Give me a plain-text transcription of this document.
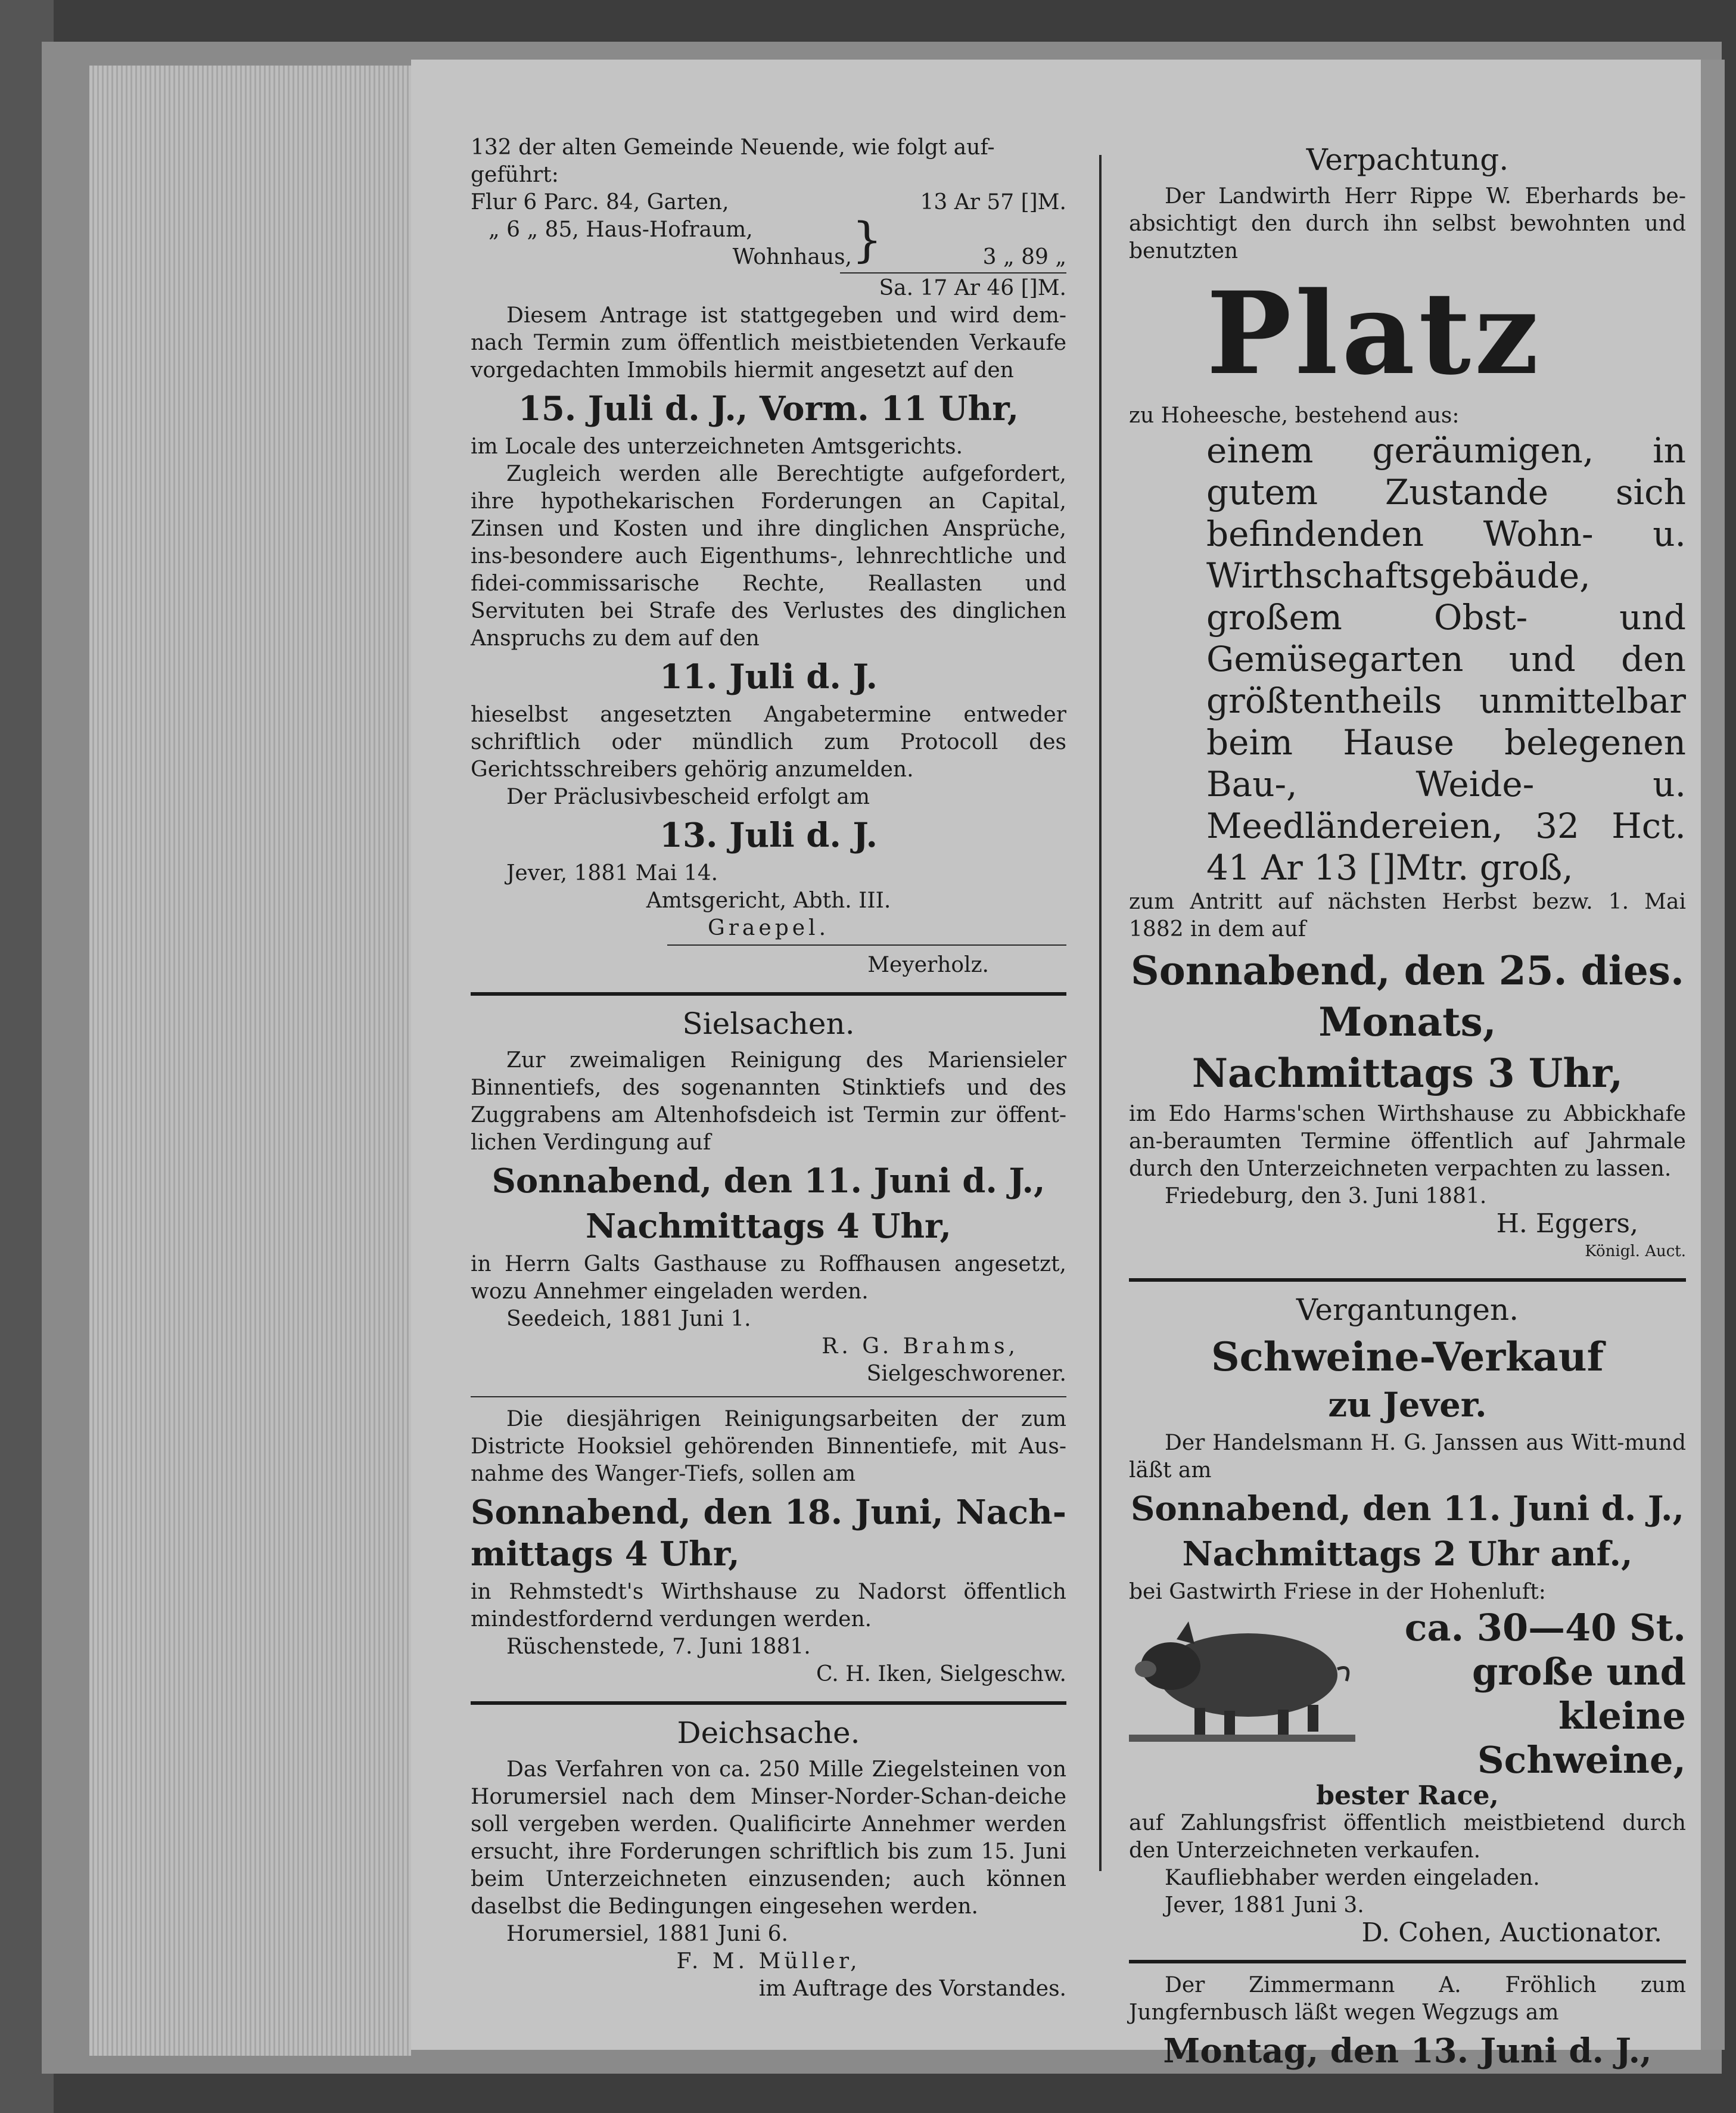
132 der alten Gemeinde Neuende, wie folgt auf-

geführt:

Flur 6 Parc. 84, Garten,		13 Ar 57 []M.
„ 6 „ 85, Haus-Hofraum,	}	
Wohnhaus,		3 „ 89 „

Sa. 17 Ar 46 []M.

Diesem Antrage ist stattgegeben und wird dem-nach Termin zum öffentlich meistbietenden Verkaufe vorgedachten Immobils hiermit angesetzt auf den

15. Juli d. J., Vorm. 11 Uhr,

im Locale des unterzeichneten Amtsgerichts.

Zugleich werden alle Berechtigte aufgefordert, ihre hypothekarischen Forderungen an Capital, Zinsen und Kosten und ihre dinglichen Ansprüche, ins-besondere auch Eigenthums-, lehnrechtliche und fidei-commissarische Rechte, Reallasten und Servituten bei Strafe des Verlustes des dinglichen Anspruchs zu dem auf den

11. Juli d. J.

hieselbst angesetzten Angabetermine entweder schriftlich oder mündlich zum Protocoll des Gerichtsschreibers gehörig anzumelden.

Der Präclusivbescheid erfolgt am

13. Juli d. J.

Jever, 1881 Mai 14.

Amtsgericht, Abth. III.

Graepel.

Meyerholz.

Sielsachen.

Zur zweimaligen Reinigung des Mariensieler Binnentiefs, des sogenannten Stinktiefs und des Zuggrabens am Altenhofsdeich ist Termin zur öffent-lichen Verdingung auf

Sonnabend, den 11. Juni d. J.,

Nachmittags 4 Uhr,

in Herrn Galts Gasthause zu Roffhausen angesetzt, wozu Annehmer eingeladen werden.

Seedeich, 1881 Juni 1.

R. G. Brahms,

Sielgeschworener.

Die diesjährigen Reinigungsarbeiten der zum Districte Hooksiel gehörenden Binnentiefe, mit Aus-nahme des Wanger-Tiefs, sollen am

Sonnabend, den 18. Juni, Nach-mittags 4 Uhr,

in Rehmstedt's Wirthshause zu Nadorst öffentlich mindestfordernd verdungen werden.

Rüschenstede, 7. Juni 1881.

C. H. Iken, Sielgeschw.

Deichsache.

Das Verfahren von ca. 250 Mille Ziegelsteinen von Horumersiel nach dem Minser-Norder-Schan-deiche soll vergeben werden. Qualificirte Annehmer werden ersucht, ihre Forderungen schriftlich bis zum 15. Juni beim Unterzeichneten einzusenden; auch können daselbst die Bedingungen eingesehen werden.

Horumersiel, 1881 Juni 6.

F. M. Müller,

im Auftrage des Vorstandes.

Verpachtung.

Der Landwirth Herr Rippe W. Eberhards be-absichtigt den durch ihn selbst bewohnten und benutzten

Platz

zu Hoheesche, bestehend aus:

einem geräumigen, in gutem Zustande sich befindenden Wohn- u. Wirthschaftsgebäude, großem Obst- und Gemüsegarten und den größtentheils unmittelbar beim Hause belegenen Bau-, Weide- u. Meedländereien, 32 Hct. 41 Ar 13 []Mtr. groß,

zum Antritt auf nächsten Herbst bezw. 1. Mai 1882 in dem auf

Sonnabend, den 25. dies.

Monats,

Nachmittags 3 Uhr,

im Edo Harms'schen Wirthshause zu Abbickhafe an-beraumten Termine öffentlich auf Jahrmale durch den Unterzeichneten verpachten zu lassen.

Friedeburg, den 3. Juni 1881.

H. Eggers,

Königl. Auct.

Vergantungen.

Schweine-Verkauf

zu Jever.

Der Handelsmann H. G. Janssen aus Witt-mund läßt am

Sonnabend, den 11. Juni d. J.,

Nachmittags 2 Uhr anf.,

bei Gastwirth Friese in der Hohenluft:

ca. 30—40 St.

große und kleine

Schweine,

bester Race,

auf Zahlungsfrist öffentlich meistbietend durch den Unterzeichneten verkaufen.

Kaufliebhaber werden eingeladen.

Jever, 1881 Juni 3.

D. Cohen, Auctionator.

Der Zimmermann A. Fröhlich zum Jungfernbusch läßt wegen Wegzugs am

Montag, den 13. Juni d. J.,
